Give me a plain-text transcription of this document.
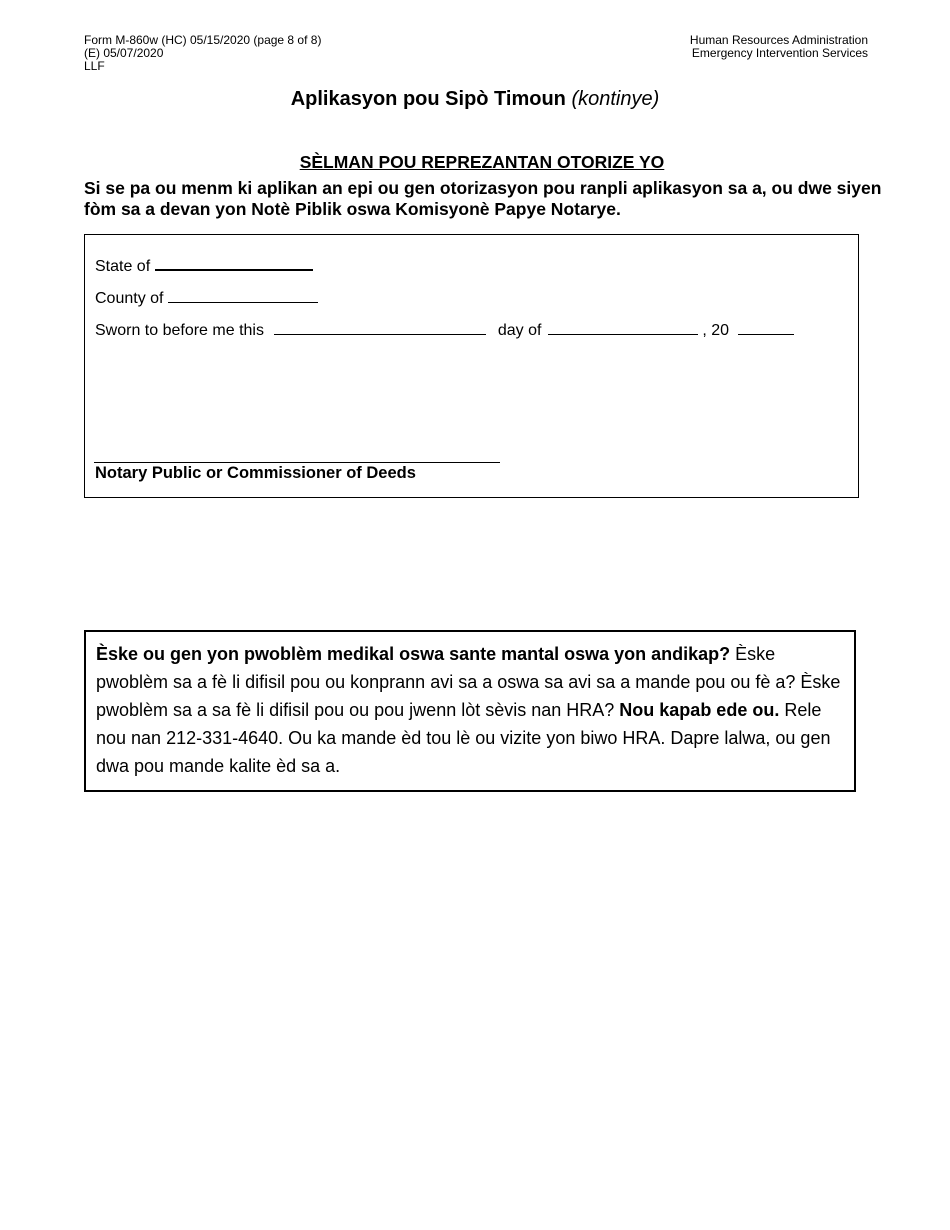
Form M-860w (HC) 05/15/2020 (page 8 of 8)
(E) 05/07/2020
LLF
Human Resources Administration
Emergency Intervention Services
Aplikasyon pou Sipò Timoun (kontinye)
SÈLMAN POU REPREZANTAN OTORIZE YO
Si se pa ou menm ki aplikan an epi ou gen otorizasyon pou ranpli aplikasyon sa a, ou dwe siyen fòm sa a devan yon Notè Piblik oswa Komisyonè Papye Notarye.
State of
County of
Sworn to before me this	day of	, 20
Notary Public or Commissioner of Deeds
Èske ou gen yon pwoblèm medikal oswa sante mantal oswa yon andikap? Èske pwoblèm sa a fè li difisil pou ou konprann avi sa a oswa sa avi sa a mande pou ou fè a? Èske pwoblèm sa a sa fè li difisil pou ou pou jwenn lòt sèvis nan HRA? Nou kapab ede ou. Rele nou nan 212-331-4640. Ou ka mande èd tou lè ou vizite yon biwo HRA. Dapre lalwa, ou gen dwa pou mande kalite èd sa a.
